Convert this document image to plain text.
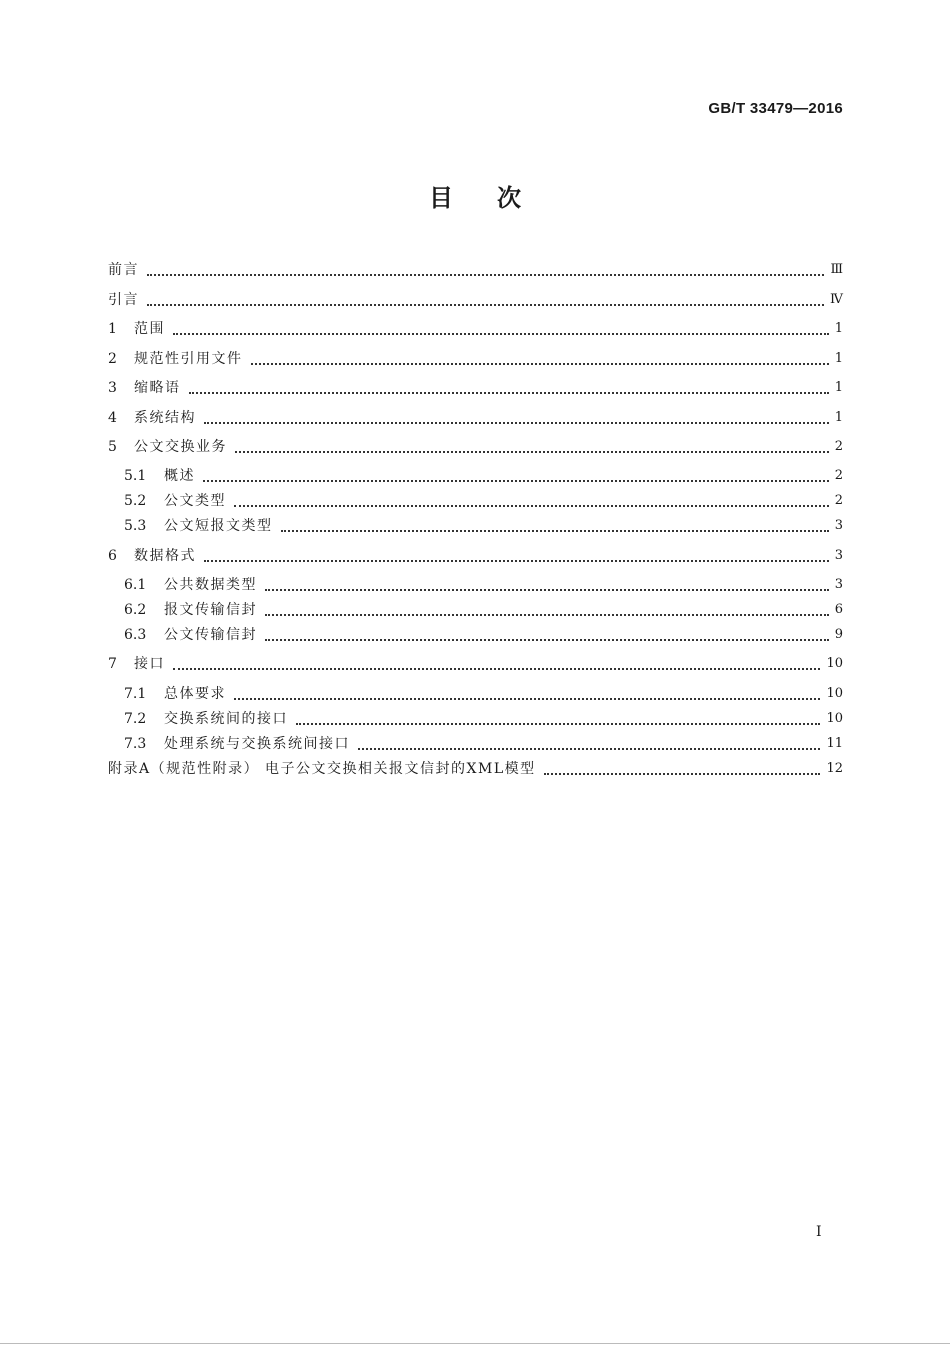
GB/T 33479—2016
目次
前言	Ⅲ
引言	Ⅳ
1	范围	1
2	规范性引用文件	1
3	缩略语	1
4	系统结构	1
5	公文交换业务	2
5.1	概述	2
5.2	公文类型	2
5.3	公文短报文类型	3
6	数据格式	3
6.1	公共数据类型	3
6.2	报文传输信封	6
6.3	公文传输信封	9
7	接口	10
7.1	总体要求	10
7.2	交换系统间的接口	10
7.3	处理系统与交换系统间接口	11
附录A（规范性附录） 电子公文交换相关报文信封的XML模型	12
Ⅰ
